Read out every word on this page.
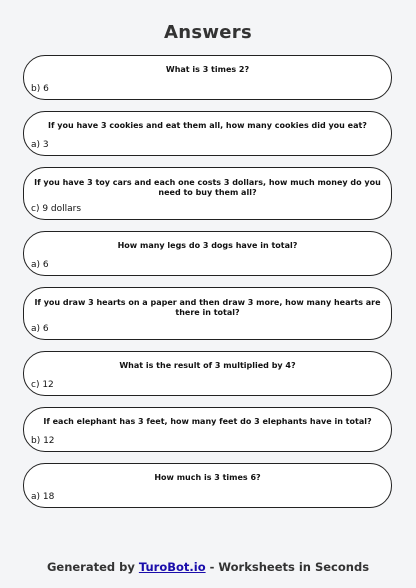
Answers
What is 3 times 2?
b) 6
If you have 3 cookies and eat them all, how many cookies did you eat?
a) 3
If you have 3 toy cars and each one costs 3 dollars, how much money do you need to buy them all?
c) 9 dollars
How many legs do 3 dogs have in total?
a) 6
If you draw 3 hearts on a paper and then draw 3 more, how many hearts are there in total?
a) 6
What is the result of 3 multiplied by 4?
c) 12
If each elephant has 3 feet, how many feet do 3 elephants have in total?
b) 12
How much is 3 times 6?
a) 18
Generated by TuroBot.io - Worksheets in Seconds
